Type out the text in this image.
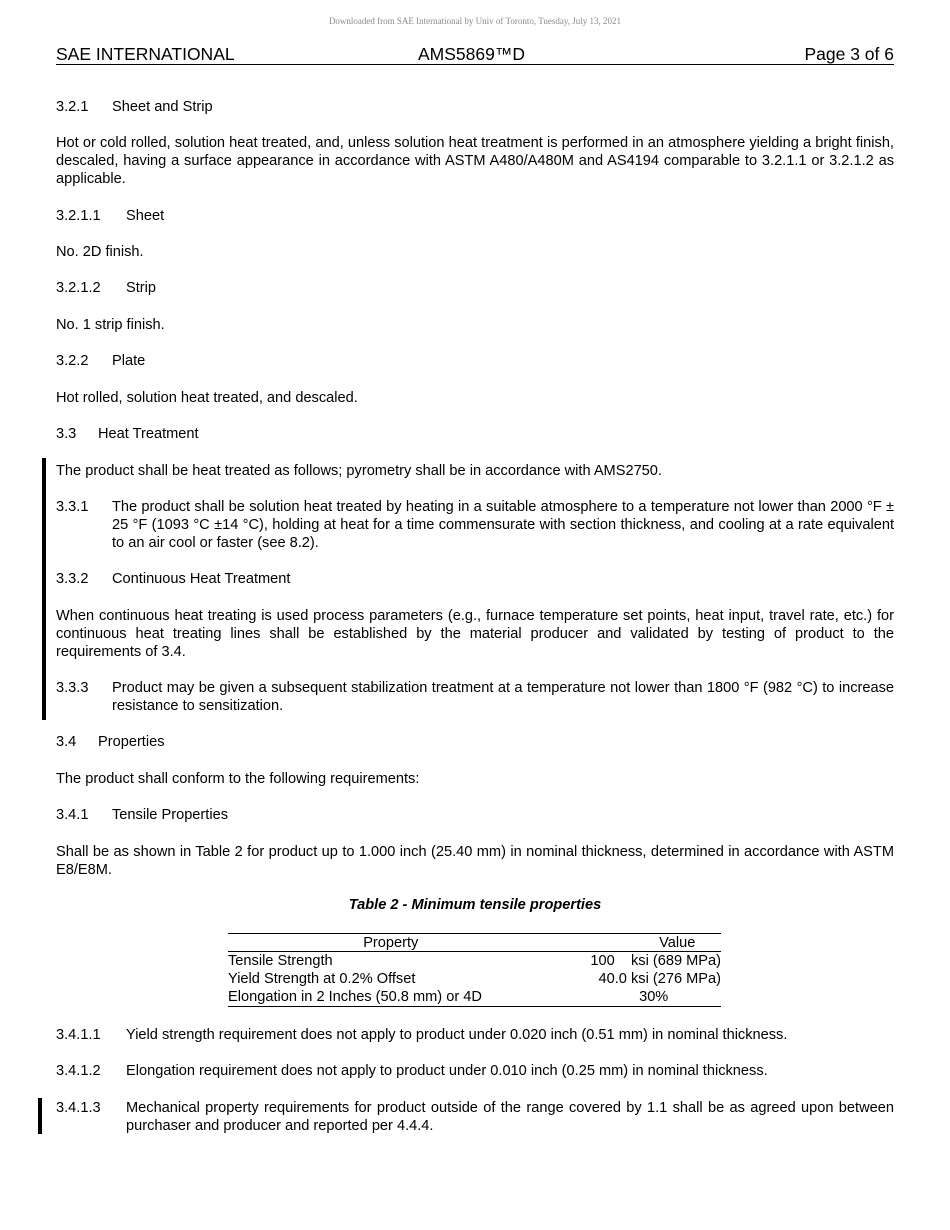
Downloaded from SAE International by Univ of Toronto, Tuesday, July 13, 2021
SAE INTERNATIONAL	AMS5869™D	Page 3 of 6
3.2.1 Sheet and Strip
Hot or cold rolled, solution heat treated, and, unless solution heat treatment is performed in an atmosphere yielding a bright finish, descaled, having a surface appearance in accordance with ASTM A480/A480M and AS4194 comparable to 3.2.1.1 or 3.2.1.2 as applicable.
3.2.1.1 Sheet
No. 2D finish.
3.2.1.2 Strip
No. 1 strip finish.
3.2.2 Plate
Hot rolled, solution heat treated, and descaled.
3.3 Heat Treatment
The product shall be heat treated as follows; pyrometry shall be in accordance with AMS2750.
3.3.1 The product shall be solution heat treated by heating in a suitable atmosphere to a temperature not lower than 2000 °F ± 25 °F (1093 °C ±14 °C), holding at heat for a time commensurate with section thickness, and cooling at a rate equivalent to an air cool or faster (see 8.2).
3.3.2 Continuous Heat Treatment
When continuous heat treating is used process parameters (e.g., furnace temperature set points, heat input, travel rate, etc.) for continuous heat treating lines shall be established by the material producer and validated by testing of product to the requirements of 3.4.
3.3.3 Product may be given a subsequent stabilization treatment at a temperature not lower than 1800 °F (982 °C) to increase resistance to sensitization.
3.4 Properties
The product shall conform to the following requirements:
3.4.1 Tensile Properties
Shall be as shown in Table 2 for product up to 1.000 inch (25.40 mm) in nominal thickness, determined in accordance with ASTM E8/E8M.
Table 2 - Minimum tensile properties
Property	Value
Tensile Strength	100    ksi (689 MPa)
Yield Strength at 0.2% Offset	40.0 ksi (276 MPa)
Elongation in 2 Inches (50.8 mm) or 4D	30%
3.4.1.1 Yield strength requirement does not apply to product under 0.020 inch (0.51 mm) in nominal thickness.
3.4.1.2 Elongation requirement does not apply to product under 0.010 inch (0.25 mm) in nominal thickness.
3.4.1.3 Mechanical property requirements for product outside of the range covered by 1.1 shall be as agreed upon between purchaser and producer and reported per 4.4.4.
